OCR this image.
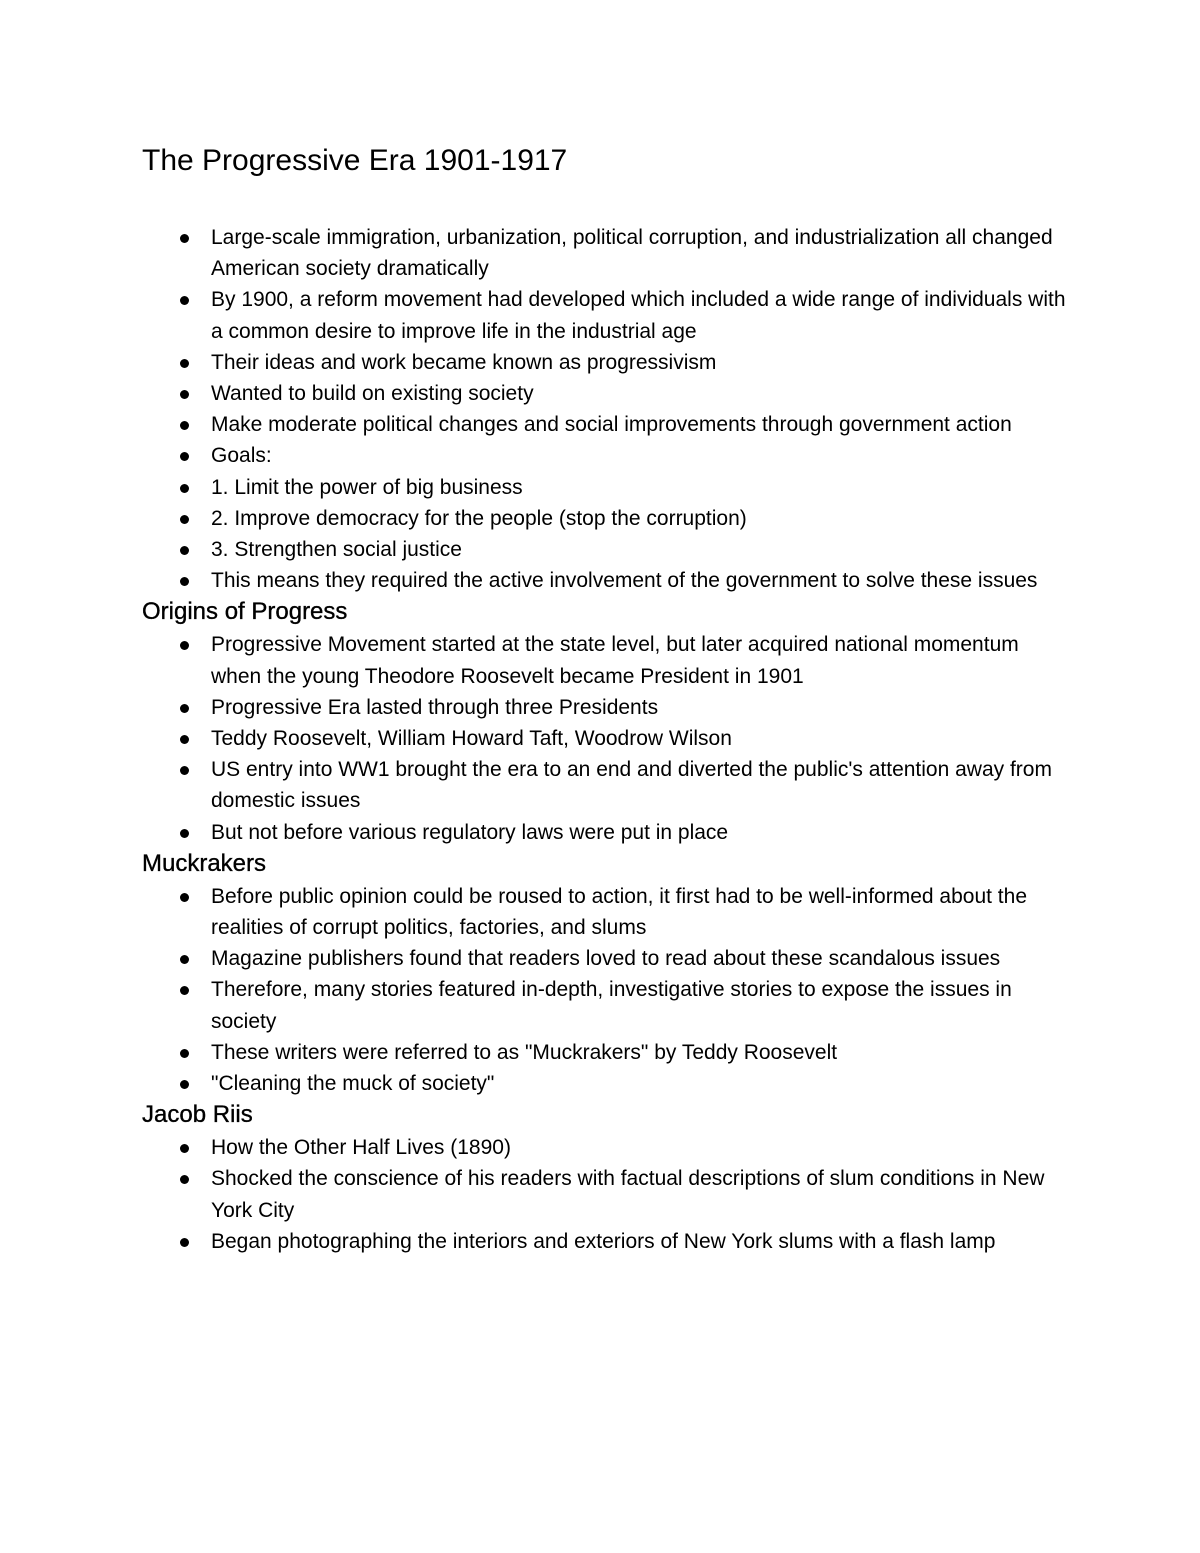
The Progressive Era 1901-1917
Large-scale immigration, urbanization, political corruption, and industrialization all changed American society dramatically
By 1900, a reform movement had developed which included a wide range of individuals with a common desire to improve life in the industrial age
Their ideas and work became known as progressivism
Wanted to build on existing society
Make moderate political changes and social improvements through government action
Goals:
1. Limit the power of big business
2. Improve democracy for the people (stop the corruption)
3. Strengthen social justice
This means they required the active involvement of the government to solve these issues
Origins of Progress
Progressive Movement started at the state level, but later acquired national momentum when the young Theodore Roosevelt became President in 1901
Progressive Era lasted through three Presidents
Teddy Roosevelt, William Howard Taft, Woodrow Wilson
US entry into WW1 brought the era to an end and diverted the public's attention away from domestic issues
But not before various regulatory laws were put in place
Muckrakers
Before public opinion could be roused to action, it first had to be well-informed about the realities of corrupt politics, factories, and slums
Magazine publishers found that readers loved to read about these scandalous issues
Therefore, many stories featured in-depth, investigative stories to expose the issues in society
These writers were referred to as "Muckrakers" by Teddy Roosevelt
"Cleaning the muck of society"
Jacob Riis
How the Other Half Lives (1890)
Shocked the conscience of his readers with factual descriptions of slum conditions in New York City
Began photographing the interiors and exteriors of New York slums with a flash lamp
